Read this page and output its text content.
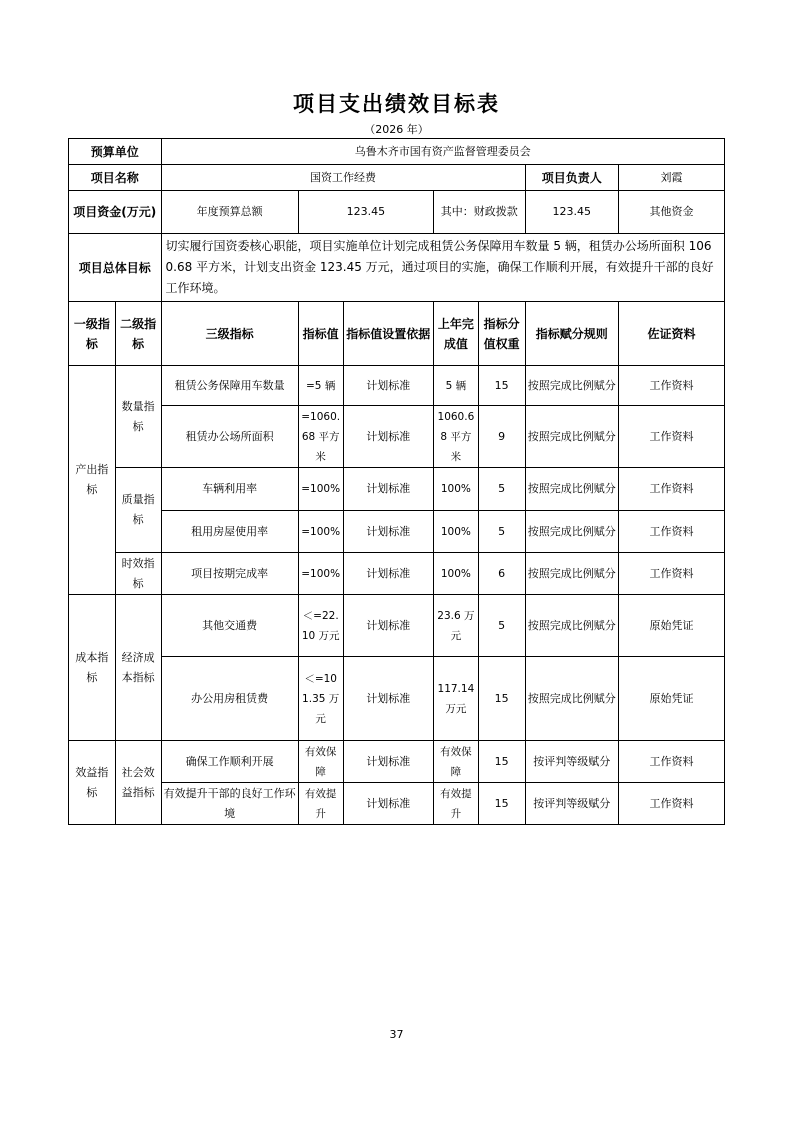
项目支出绩效目标表
（2026 年）
预算单位		乌鲁木齐市国有资产监督管理委员会						
项目名称		国资工作经费					项目负责人	刘霞
项目资金(万元)		年度预算总额	123.45		其中：财政拨款		123.45	其他资金

项目总体目标		切实履行国资委核心职能，项目实施单位计划完成租赁公务保障用车数量 5 辆，租赁办公场所面积 1060.68 平方米，计划支出资金 123.45 万元，通过项目的实施，确保工作顺利开展，有效提升干部的良好工作环境。						
一级指标	二级指标	三级指标	指标值	指标值设置依据	上年完成值	指标分值权重	指标赋分规则	佐证资料
产出指标	数量指标	租赁公务保障用车数量	=5 辆	计划标准	5 辆	15	按照完成比例赋分	工作资料
		租赁办公场所面积	=1060.68 平方米	计划标准	1060.68 平方米	9	按照完成比例赋分	工作资料
	质量指标	车辆利用率	=100%	计划标准	100%	5	按照完成比例赋分	工作资料
		租用房屋使用率	=100%	计划标准	100%	5	按照完成比例赋分	工作资料
	时效指标	项目按期完成率	=100%	计划标准	100%	6	按照完成比例赋分	工作资料
成本指标	经济成本指标	其他交通费	＜=22.10 万元	计划标准	23.6 万元	5	按照完成比例赋分	原始凭证
		办公用房租赁费	＜=101.35 万元	计划标准	117.14 万元	15	按照完成比例赋分	原始凭证
效益指标	社会效益指标	确保工作顺利开展	有效保障	计划标准	有效保障	15	按评判等级赋分	工作资料
		有效提升干部的良好工作环境	有效提升	计划标准	有效提升	15	按评判等级赋分	工作资料
37
